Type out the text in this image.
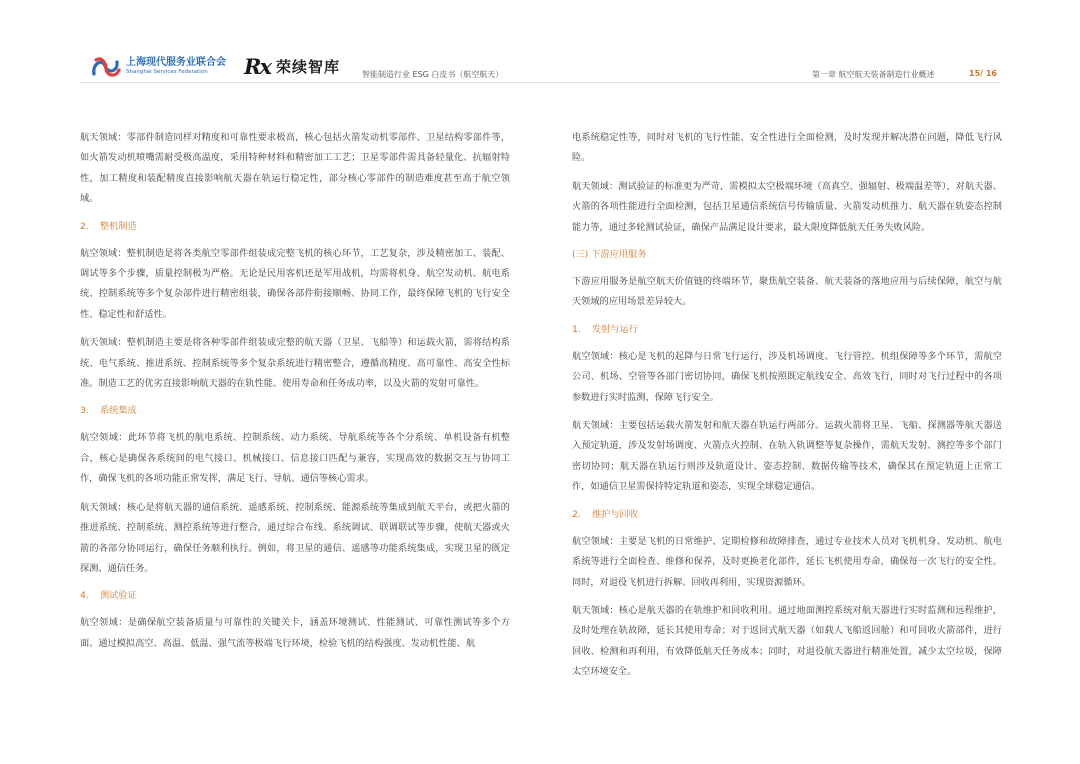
上海现代服务业联合会
Shanghai Services Federation	Rx 荣续智库	智能制造行业 ESG 白皮书（航空航天）	第一章 航空航天装备制造行业概述	15/ 16

航天领域：零部件制造同样对精度和可靠性要求极高，核心包括火箭发动机零部件、卫星结构零部件等，如火箭发动机喷嘴需耐受极高温度，采用特种材料和精密加工工艺；卫星零部件需具备轻量化、抗辐射特性，加工精度和装配精度直接影响航天器在轨运行稳定性，部分核心零部件的制造难度甚至高于航空领域。

2. 整机制造

航空领域：整机制造是将各类航空零部件组装成完整飞机的核心环节，工艺复杂，涉及精密加工、装配、调试等多个步骤，质量控制极为严格。无论是民用客机还是军用战机，均需将机身、航空发动机、航电系统、控制系统等多个复杂部件进行精密组装，确保各部件衔接顺畅、协同工作，最终保障飞机的飞行安全性、稳定性和舒适性。

航天领域：整机制造主要是将各种零部件组装成完整的航天器（卫星、飞船等）和运载火箭，需将结构系统、电气系统、推进系统、控制系统等多个复杂系统进行精密整合，遵循高精度、高可靠性、高安全性标准。制造工艺的优劣直接影响航天器的在轨性能、使用寿命和任务成功率，以及火箭的发射可靠性。

3. 系统集成

航空领域：此环节将飞机的航电系统、控制系统、动力系统、导航系统等各个分系统、单机设备有机整合，核心是确保各系统间的电气接口、机械接口、信息接口匹配与兼容，实现高效的数据交互与协同工作，确保飞机的各项功能正常发挥，满足飞行、导航、通信等核心需求。

航天领域：核心是将航天器的通信系统、遥感系统、控制系统、能源系统等集成到航天平台，或把火箭的推进系统、控制系统、测控系统等进行整合，通过综合布线、系统调试、联调联试等步骤，使航天器或火箭的各部分协同运行，确保任务顺利执行。例如，将卫星的通信、遥感等功能系统集成，实现卫星的既定探测、通信任务。

4. 测试验证

航空领域：是确保航空装备质量与可靠性的关键关卡，涵盖环境测试、性能测试、可靠性测试等多个方面。通过模拟高空、高温、低温、强气流等极端飞行环境，检验飞机的结构强度、发动机性能、航

电系统稳定性等，同时对飞机的飞行性能、安全性进行全面检测，及时发现并解决潜在问题，降低飞行风险。

航天领域：测试验证的标准更为严苛，需模拟太空极端环境（高真空、强辐射、极端温差等），对航天器、火箭的各项性能进行全面检测，包括卫星通信系统信号传输质量、火箭发动机推力、航天器在轨姿态控制能力等，通过多轮测试验证，确保产品满足设计要求，最大限度降低航天任务失败风险。

(三) 下游应用服务

下游应用服务是航空航天价值链的终端环节，聚焦航空装备、航天装备的落地应用与后续保障，航空与航天领域的应用场景差异较大。

1. 发射与运行

航空领域：核心是飞机的起降与日常飞行运行，涉及机场调度、飞行管控、机组保障等多个环节，需航空公司、机场、空管等各部门密切协同，确保飞机按照既定航线安全、高效飞行，同时对飞行过程中的各项参数进行实时监测，保障飞行安全。

航天领域：主要包括运载火箭发射和航天器在轨运行两部分。运载火箭将卫星、飞船、探测器等航天器送入预定轨道，涉及发射场调度、火箭点火控制、在轨入轨调整等复杂操作，需航天发射、测控等多个部门密切协同；航天器在轨运行则涉及轨道设计、姿态控制、数据传输等技术，确保其在预定轨道上正常工作，如通信卫星需保持特定轨道和姿态，实现全球稳定通信。

2. 维护与回收

航空领域：主要是飞机的日常维护、定期检修和故障排查，通过专业技术人员对飞机机身、发动机、航电系统等进行全面检查、维修和保养，及时更换老化部件，延长飞机使用寿命，确保每一次飞行的安全性。同时，对退役飞机进行拆解、回收再利用，实现资源循环。

航天领域：核心是航天器的在轨维护和回收利用。通过地面测控系统对航天器进行实时监测和远程维护，及时处理在轨故障，延长其使用寿命；对于返回式航天器（如载人飞船返回舱）和可回收火箭部件，进行回收、检测和再利用，有效降低航天任务成本；同时，对退役航天器进行精准处置，减少太空垃圾，保障太空环境安全。
